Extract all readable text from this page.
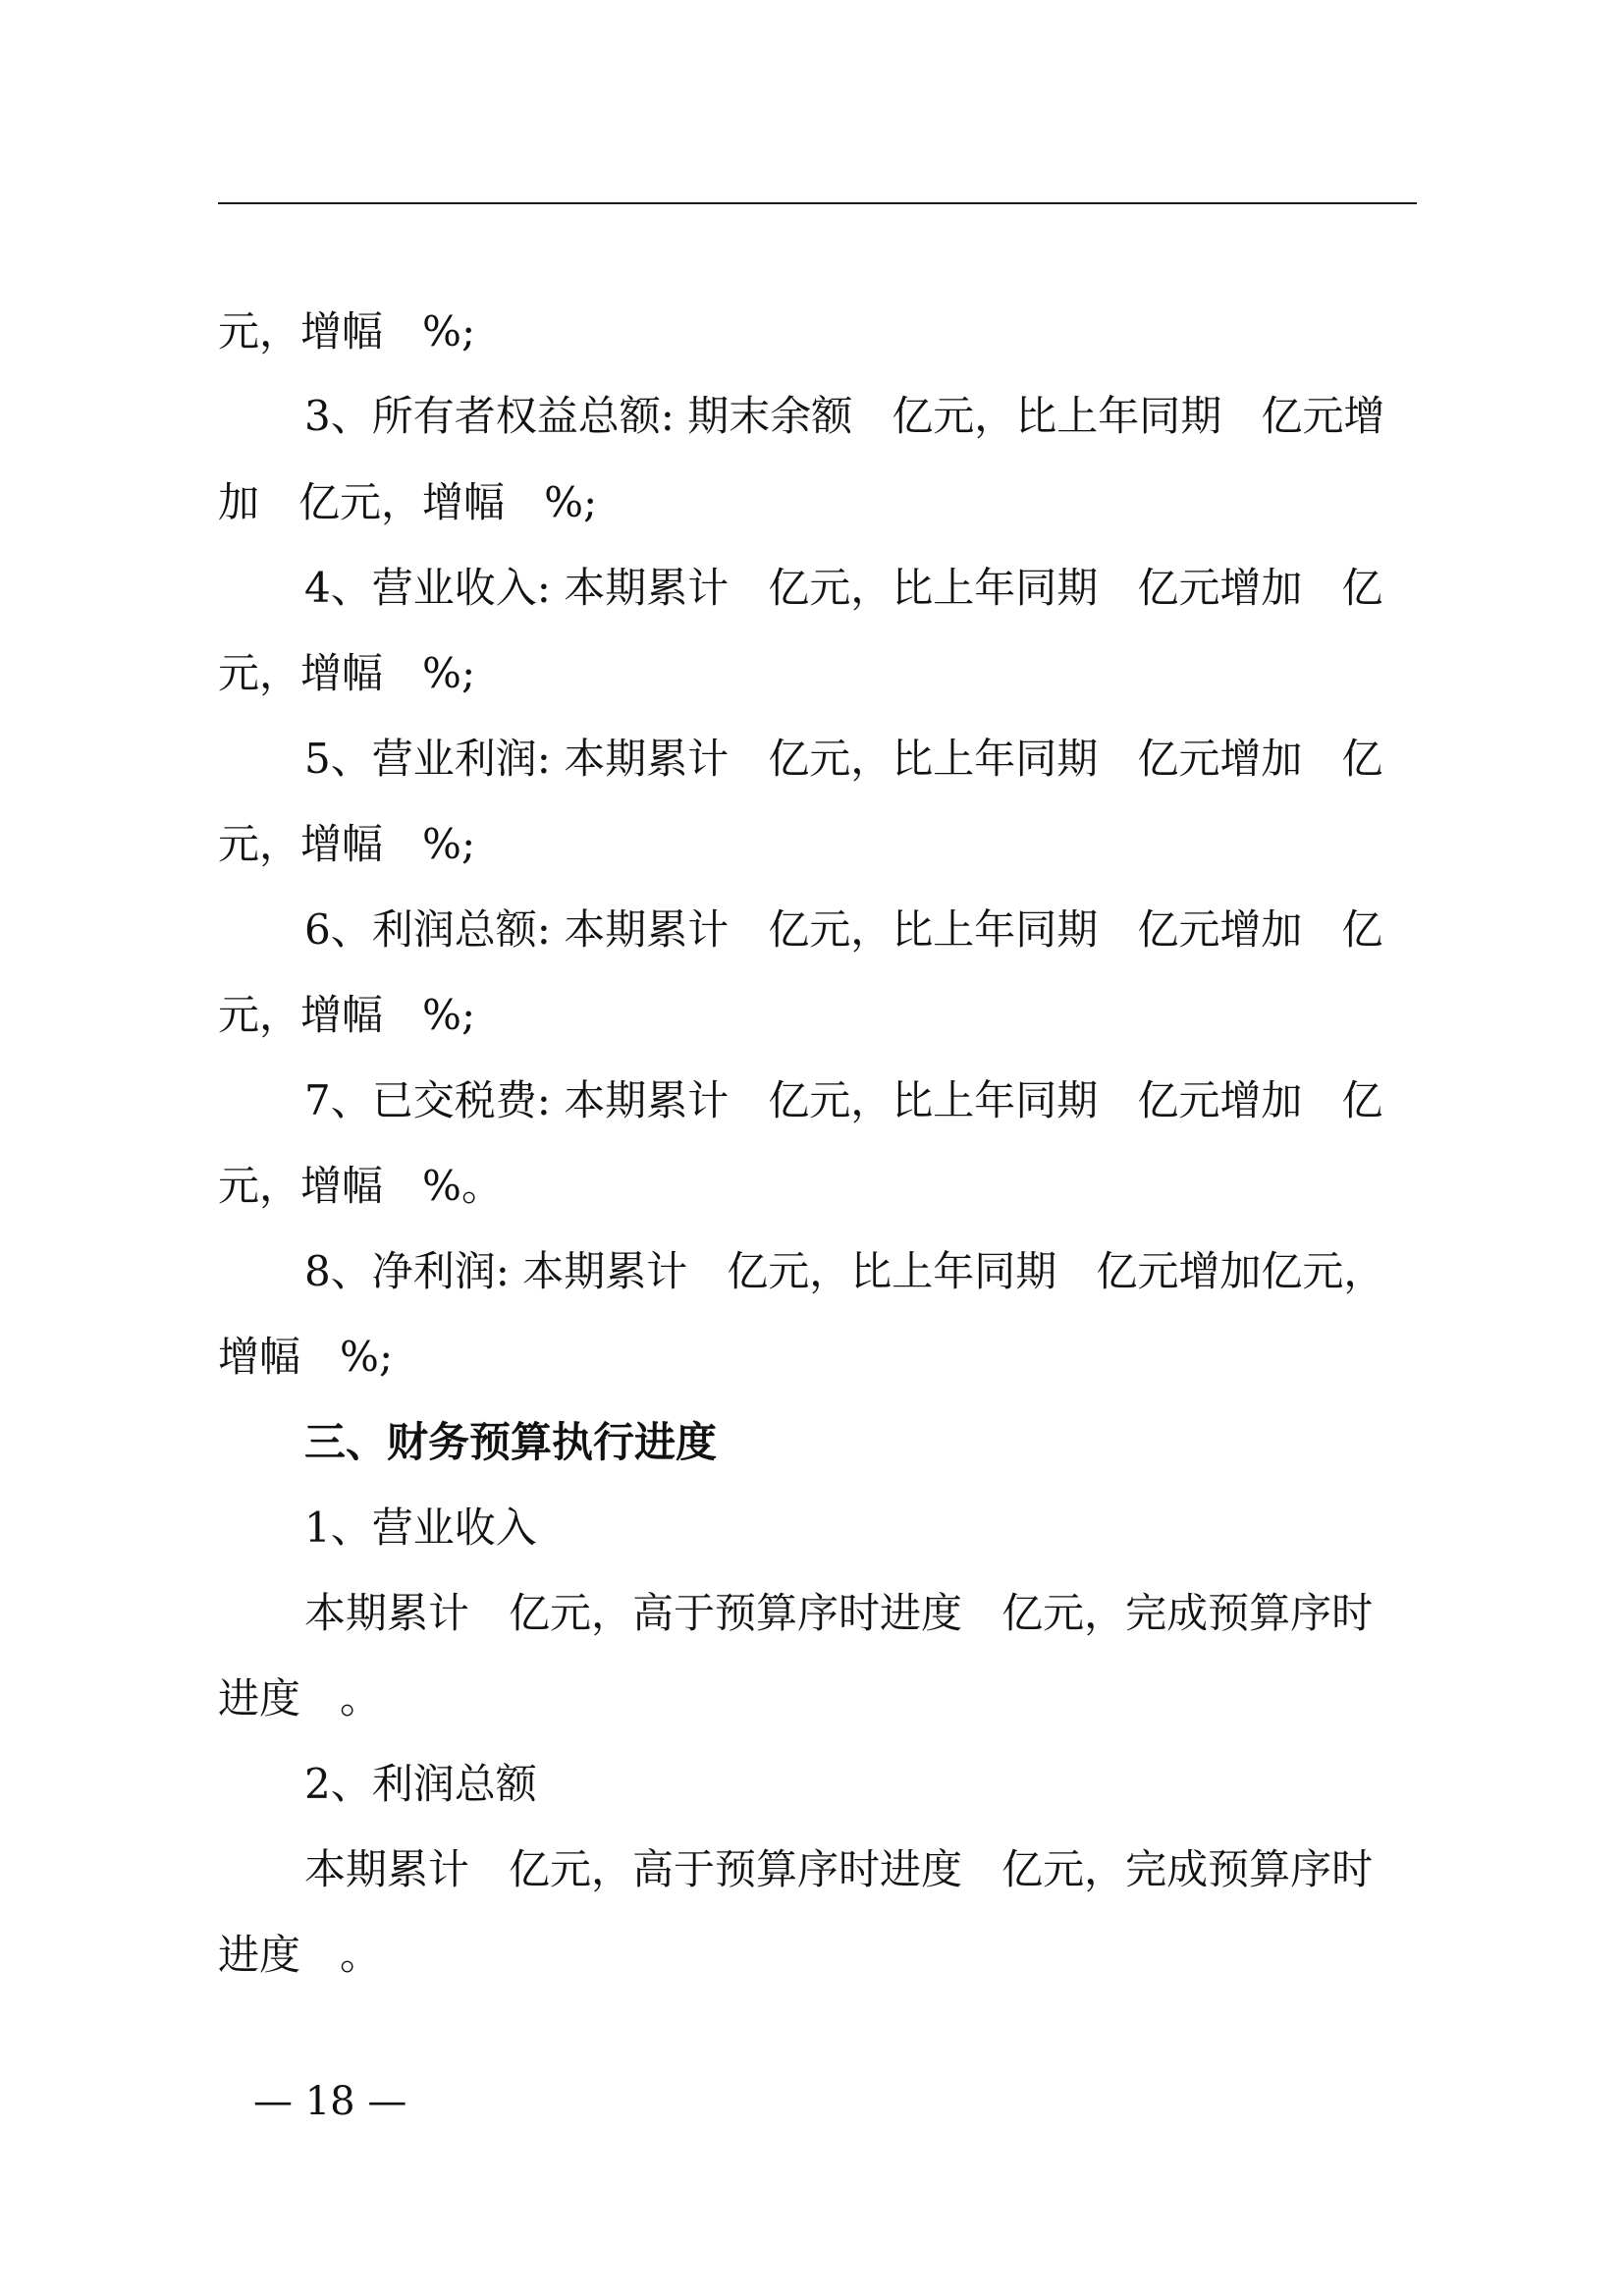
元，增幅   %;
3、所有者权益总额: 期末余额   亿元，比上年同期   亿元增
加   亿元，增幅   %;
4、营业收入: 本期累计   亿元，比上年同期   亿元增加   亿
元，增幅   %;
5、营业利润: 本期累计   亿元，比上年同期   亿元增加   亿
元，增幅   %;
6、利润总额: 本期累计   亿元，比上年同期   亿元增加   亿
元，增幅   %;
7、已交税费: 本期累计   亿元，比上年同期   亿元增加   亿
元，增幅   %。
8、净利润: 本期累计   亿元，比上年同期   亿元增加亿元，
增幅   %;
三、财务预算执行进度
1、营业收入
本期累计   亿元，高于预算序时进度   亿元，完成预算序时
进度   。
2、利润总额
本期累计   亿元，高于预算序时进度   亿元，完成预算序时
进度   。
— 18 —
